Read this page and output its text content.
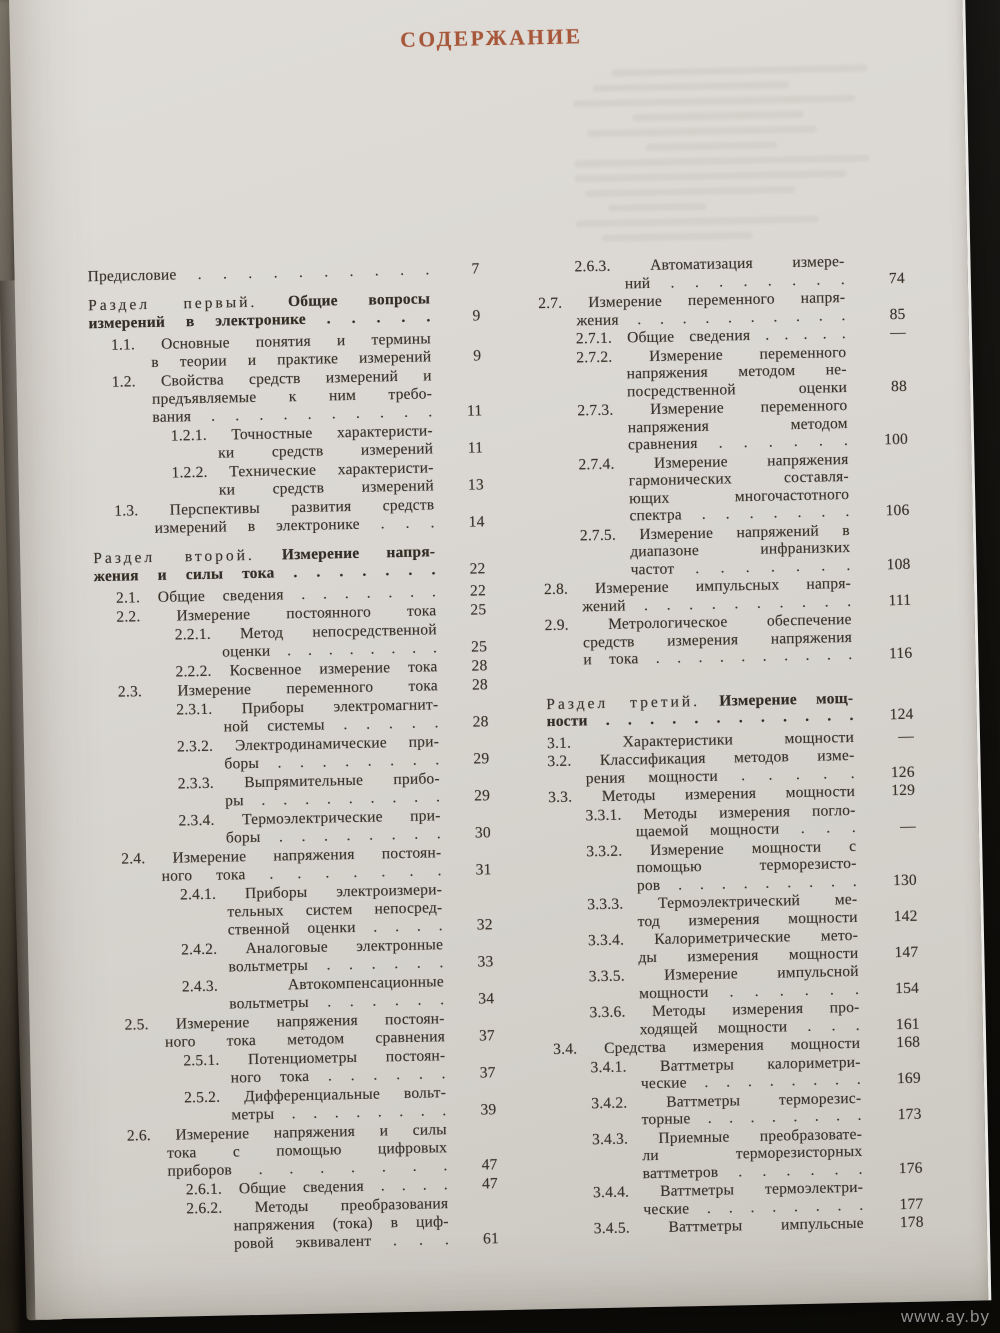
СОДЕРЖАНИЕ
Предисловие . . . . . . . . . .	7
Раздел первый. Общие вопросы
измерений в электронике . . . . .	9
1.1. Основные понятия и термины
в теории и практике измерений	9
1.2. Свойства средств измерений и
предъявляемые к ним требо-
вания . . . . . . . . . .	11
1.2.1. Точностные характеристи-
ки средств измерений	11
1.2.2. Технические характеристи-
ки средств измерений	13
1.3. Перспективы развития средств
измерений в электронике . . .	14
Раздел второй. Измерение напря-
жения и силы тока . . . . . . .	22
2.1. Общие сведения . . . . . . .	22
2.2. Измерение постоянного тока	25
2.2.1. Метод непосредственной
оценки . . . . . . . .	25
2.2.2. Косвенное измерение тока	28
2.3. Измерение переменного тока	28
2.3.1. Приборы электромагнит-
ной системы . . . . .	28
2.3.2. Электродинамические при-
боры . . . . . . . .	29
2.3.3. Выпрямительные прибо-
ры . . . . . . . . .	29
2.3.4. Термоэлектрические при-
боры . . . . . . . .	30
2.4. Измерение напряжения постоян-
ного тока . . . . . . .	31
2.4.1. Приборы электроизмери-
тельных систем непосред-
ственной оценки . . . .	32
2.4.2. Аналоговые электронные
вольтметры . . . . . .	33
2.4.3.	Автокомпенсационные
вольтметры . . . . . .	34
2.5. Измерение напряжения постоян-
ного тока методом сравнения	37
2.5.1. Потенциометры постоян-
ного тока . . . . . .	37
2.5.2. Дифференциальные вольт-
метры . . . . . . . .	39
2.6. Измерение напряжения и силы
тока с помощью цифровых
приборов . . . . . . .	47
2.6.1. Общие сведения . . . .	47
2.6.2. Методы преобразования
напряжения (тока) в циф-
ровой эквивалент . . .	61
2.6.3.	Автоматизация измере-
ний . . . . . . . .	74
2.7. Измерение переменного напря-
жения . . . . . . . . . .	85
2.7.1. Общие сведения . . . . .	—
2.7.2. Измерение переменного
напряжения методом не-
посредственной оценки	88
2.7.3. Измерение переменного
напряжения методом
сравнения . . . . . .	100
2.7.4.	Измерение напряжения
гармонических составля-
ющих многочастотного
спектра . . . . . . .	106
2.7.5. Измерение напряжений в
диапазоне инфранизких
частот . . . . . . .	108
2.8. Измерение импульсных напря-
жений . . . . . . . . . .	111
2.9.	Метрологическое обеспечение
средств измерения напряжения
и тока . . . . . . . . . .	116
Раздел третий. Измерение мощ-
ности . . . . . . . . . . . .	124
3.1.	Характеристики мощности	—
3.2. Классификация методов изме-
рения мощности . . . . .	126
3.3. Методы измерения мощности	129
3.3.1. Методы измерения погло-
щаемой мощности . . .	—
3.3.2. Измерение мощности с
помощью терморезисто-
ров . . . . . . . . .	130
3.3.3. Термоэлектрический ме-
тод измерения мощности	142
3.3.4. Калориметрические мето-
ды измерения мощности	147
3.3.5.	Измерение импульсной
мощности . . . . . .	154
3.3.6. Методы измерения про-
ходящей мощности . . .	161
3.4. Средства измерения мощности	168
3.4.1. Ваттметры калориметри-
ческие . . . . . . . .	169
3.4.2. Ваттметры терморезис-
торные . . . . . . . .	173
3.4.3. Приемные преобразовате-
ли терморезисторных
ваттметров . . . . . .	176
3.4.4. Ваттметры термоэлектри-
ческие . . . . . . . .	177
3.4.5. Ваттметры импульсные	178
www.ay.by
